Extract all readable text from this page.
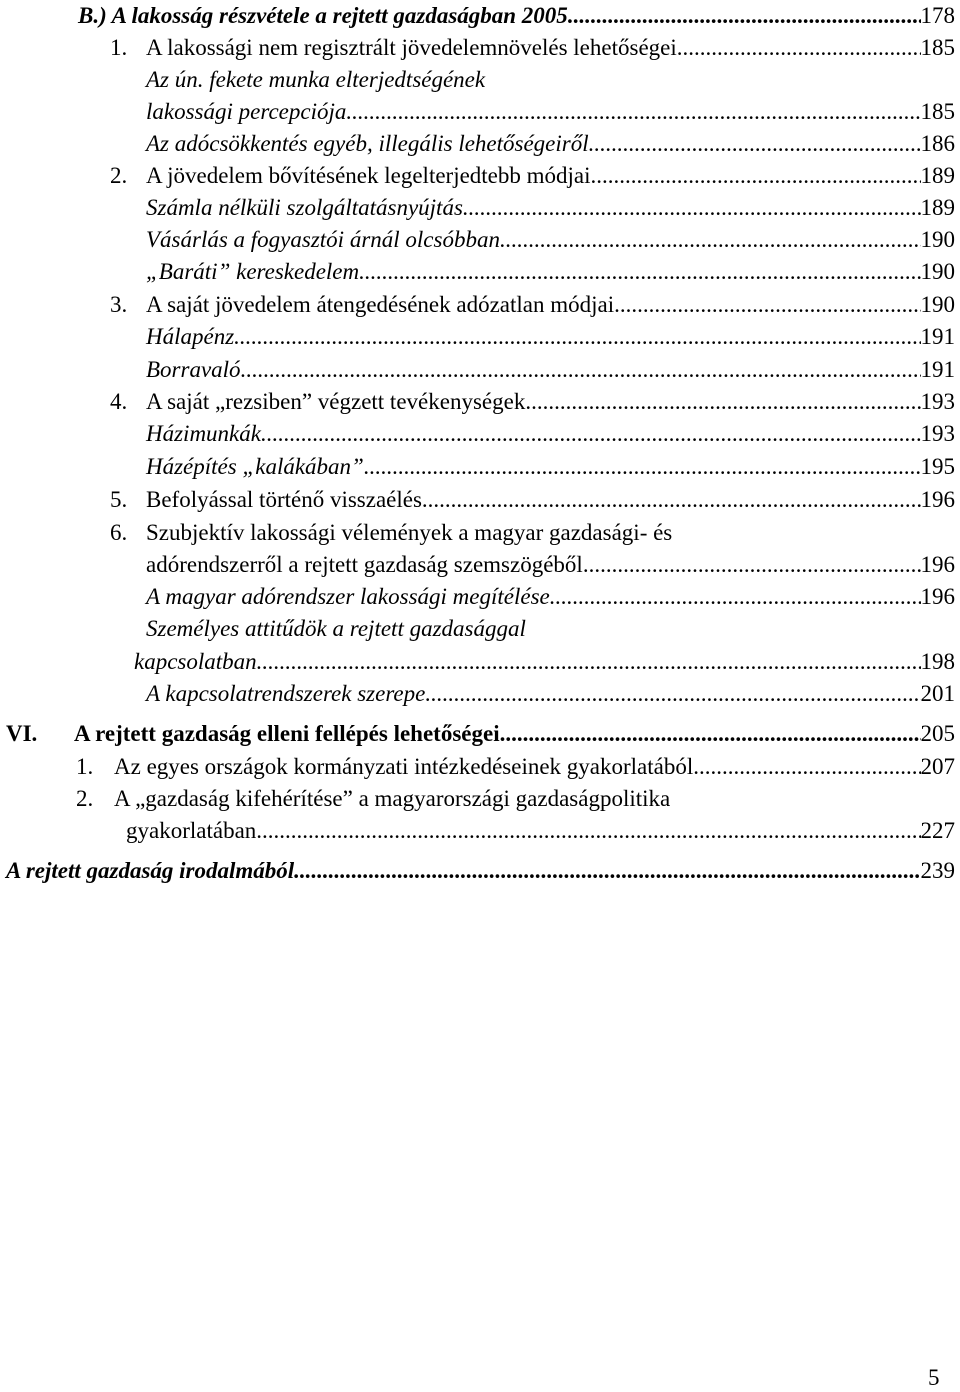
B.) A lakosság részvétele a rejtett gazdaságban 2005 .....	178
1. A lakossági nem regisztrált jövedelemnövelés lehetőségei .....	185
Az ún. fekete munka elterjedtségének
lakossági percepciója .....	185
Az adócsökkentés egyéb, illegális lehetőségeiről .....	186
2. A jövedelem bővítésének legelterjedtebb módjai .....	189
Számla nélküli szolgáltatásnyújtás .....	189
Vásárlás a fogyasztói árnál olcsóbban .....	190
„Baráti” kereskedelem .....	190
3. A saját jövedelem átengedésének adózatlan módjai .....	190
Hálapénz .....	191
Borravaló .....	191
4. A saját „rezsiben” végzett tevékenységek .....	193
Házimunkák .....	193
Házépítés „kalákában” .....	195
5. Befolyással történő visszaélés .....	196
6. Szubjektív lakossági vélemények a magyar gazdasági- és
adórendszerről a rejtett gazdaság szemszögéből .....	196
A magyar adórendszer lakossági megítélése .....	196
Személyes attitűdök a rejtett gazdasággal
kapcsolatban .....	198
A kapcsolatrendszerek szerepe .....	201
VI. A rejtett gazdaság elleni fellépés lehetőségei .....	205
1. Az egyes országok kormányzati intézkedéseinek gyakorlatából .....	207
2. A „gazdaság kifehérítése” a magyarországi gazdaságpolitika
gyakorlatában .....	227
A rejtett gazdaság irodalmából .....	239
5
